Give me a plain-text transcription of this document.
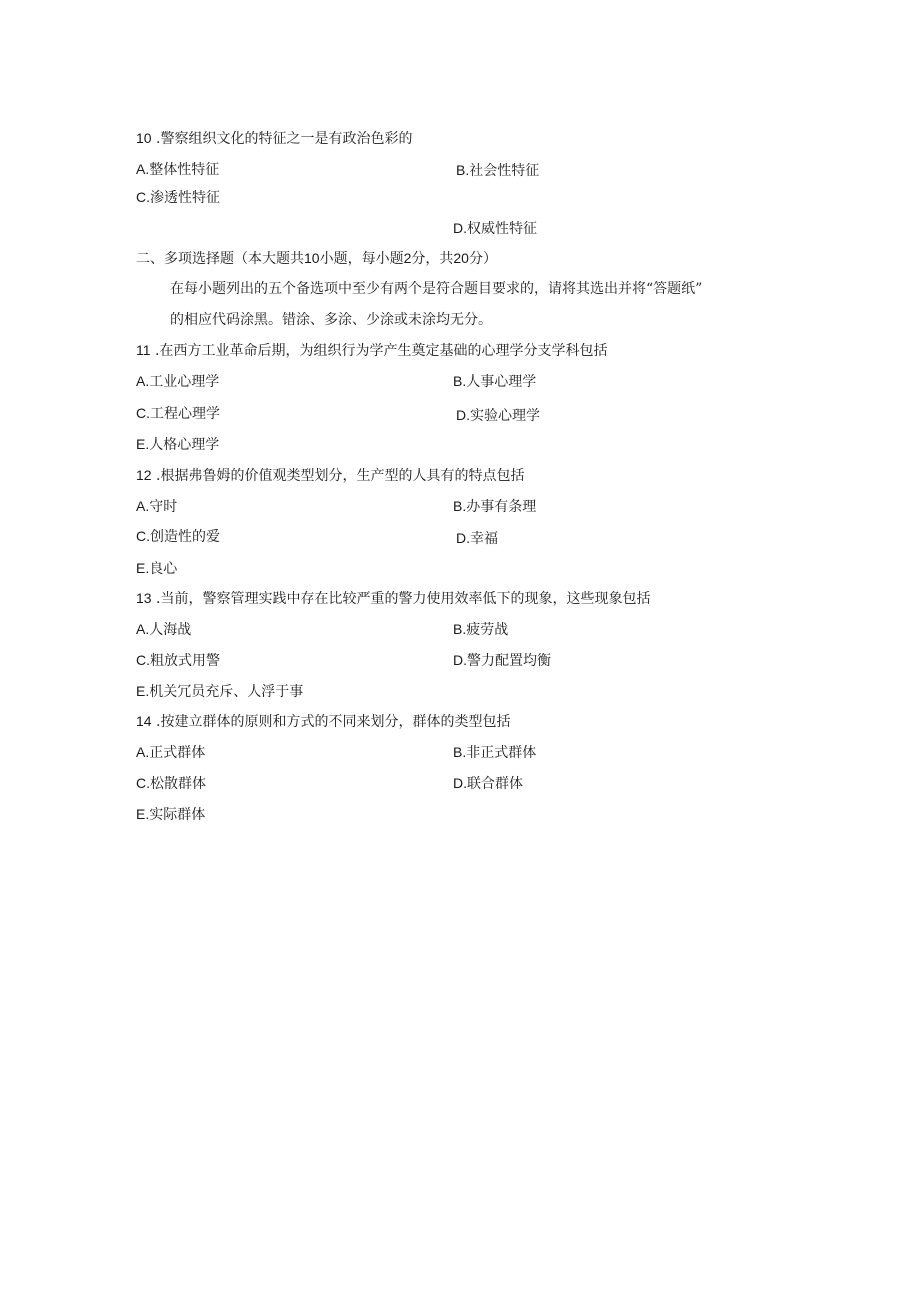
10 .警察组织文化的特征之一是有政治色彩的
A.整体性特征	B.社会性特征
C.渗透性特征
D.权威性特征
二、多项选择题（本大题共10小题，每小题2分，共20分）
在每小题列出的五个备选项中至少有两个是符合题目要求的，请将其选出并将“答题纸”
的相应代码涂黑。错涂、多涂、少涂或未涂均无分。
11 .在西方工业革命后期，为组织行为学产生奠定基础的心理学分支学科包括
A.工业心理学	B.人事心理学
C.工程心理学	D.实验心理学
E.人格心理学
12 .根据弗鲁姆的价值观类型划分，生产型的人具有的特点包括
A.守时	B.办事有条理
C.创造性的爱	D.幸福
E.良心
13 .当前，警察管理实践中存在比较严重的警力使用效率低下的现象，这些现象包括
A.人海战	B.疲劳战
C.粗放式用警	D.警力配置均衡
E.机关冗员充斥、人浮于事
14 .按建立群体的原则和方式的不同来划分，群体的类型包括
A.正式群体	B.非正式群体
C.松散群体	D.联合群体
E.实际群体
